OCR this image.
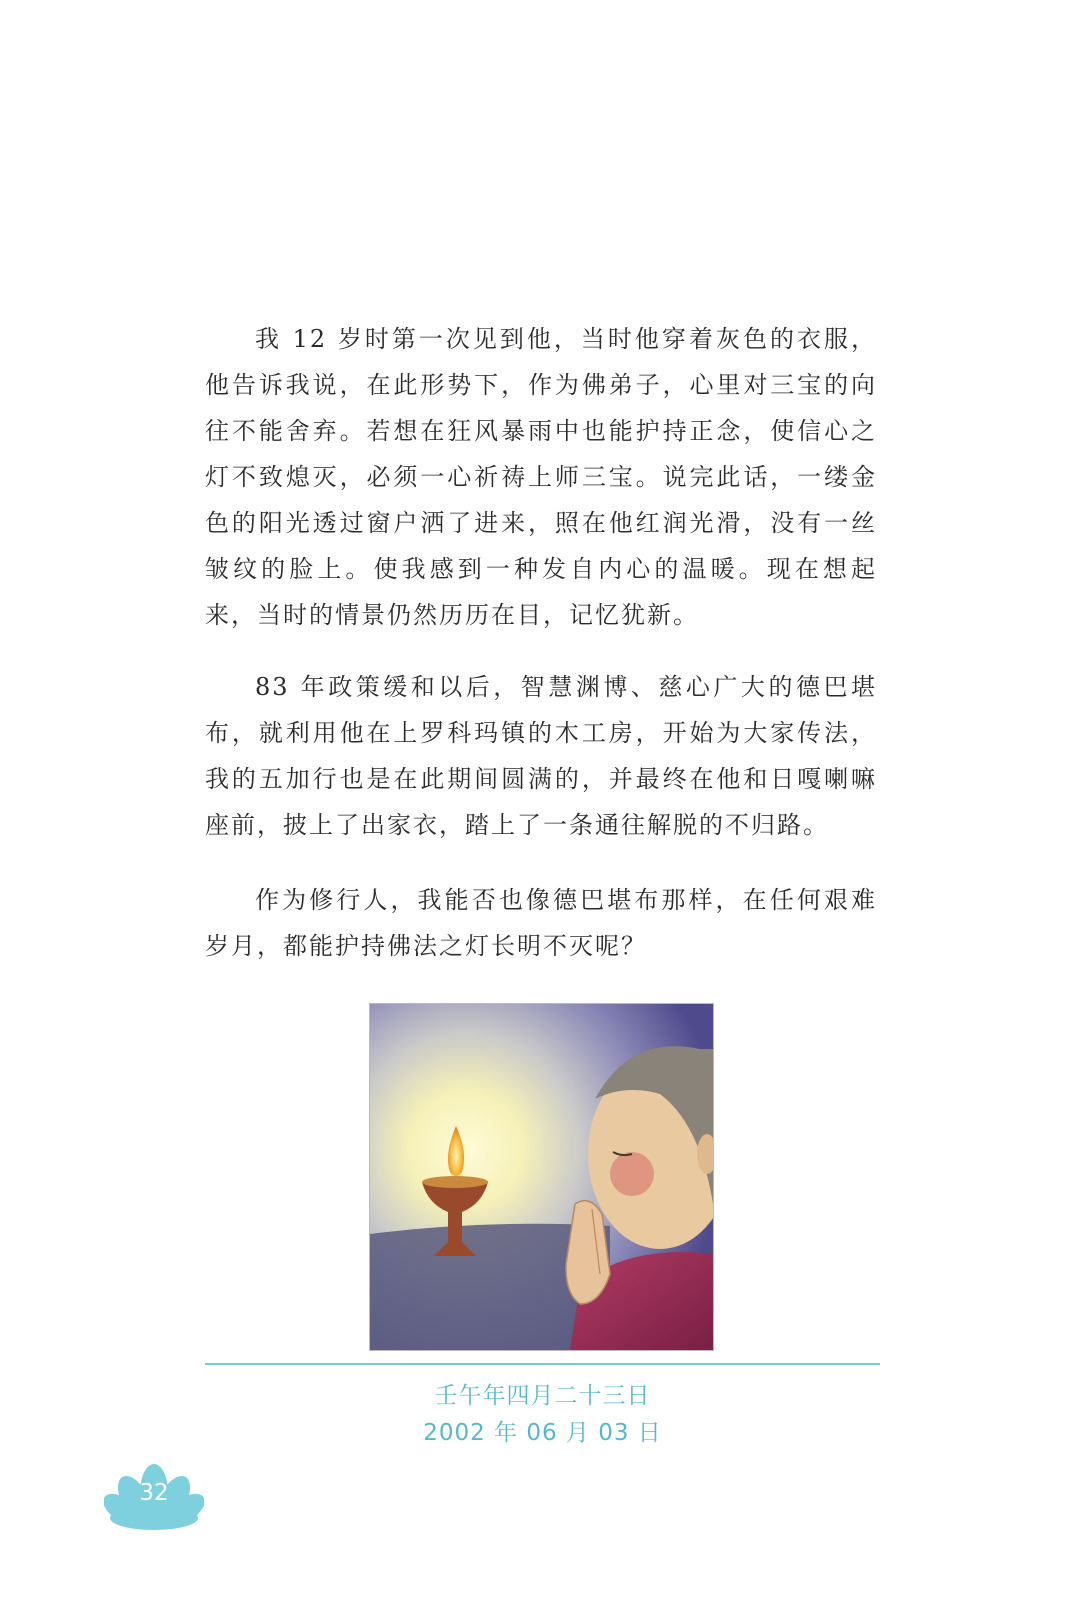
我 12 岁时第一次见到他，当时他穿着灰色的衣服，他告诉我说，在此形势下，作为佛弟子，心里对三宝的向往不能舍弃。若想在狂风暴雨中也能护持正念，使信心之灯不致熄灭，必须一心祈祷上师三宝。说完此话，一缕金色的阳光透过窗户洒了进来，照在他红润光滑，没有一丝皱纹的脸上。使我感到一种发自内心的温暖。现在想起来，当时的情景仍然历历在目，记忆犹新。

83 年政策缓和以后，智慧渊博、慈心广大的德巴堪布，就利用他在上罗科玛镇的木工房，开始为大家传法，我的五加行也是在此期间圆满的，并最终在他和日嘎喇嘛座前，披上了出家衣，踏上了一条通往解脱的不归路。

作为修行人，我能否也像德巴堪布那样，在任何艰难岁月，都能护持佛法之灯长明不灭呢？

壬午年四月二十三日
2002 年 06 月 03 日
32
